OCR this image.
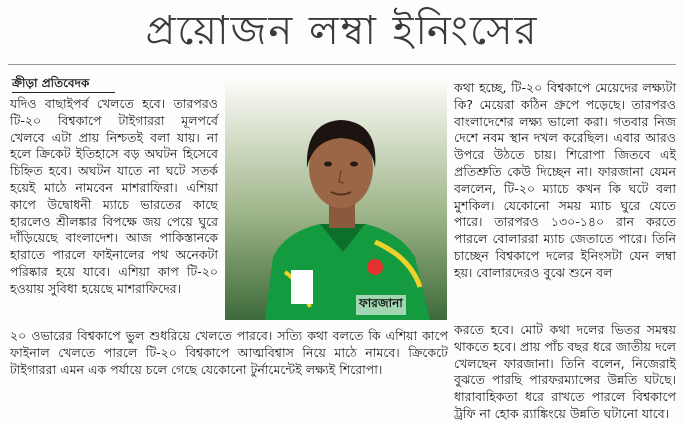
প্রয়োজন লম্বা ইনিংসের
ক্রীড়া প্রতিবেদক

যদিও বাছাইপর্ব খেলতে হবে। তারপরও টি-২০ বিশ্বকাপে টাইগাররা মূলপর্বে খেলবে এটা প্রায় নিশ্চতই বলা যায়। না হলে ক্রিকেট ইতিহাসে বড় অঘটন হিসেবে চিহ্নিত হবে। অঘটন যাতে না ঘটে সতর্ক হয়েই মাঠে নামবেন মাশরাফিরা। এশিয়া কাপে উদ্বোধনী ম্যাচে ভারতের কাছে হারলেও শ্রীলঙ্কার বিপক্ষে জয় পেয়ে ঘুরে দাঁড়িয়েছে বাংলাদেশ। আজ পাকিস্তানকে হারাতে পারলে ফাইনালের পথ অনেকটা পরিষ্কার হয়ে যাবে। এশিয়া কাপ টি-২০ হওয়ায় সুবিধা হয়েছে মাশরাফিদের।

ফারজানা

২০ ওভারের বিশ্বকাপে ভুল শুধরিয়ে খেলতে পারবে। সত্যি কথা বলতে কি এশিয়া কাপে ফাইনাল খেলতে পারলে টি-২০ বিশ্বকাপে আত্মবিশ্বাস নিয়ে মাঠে নামবে। ক্রিকেটে টাইগাররা এমন এক পর্যায়ে চলে গেছে যেকোনো টুর্নামেন্টেই লক্ষ্যই শিরোপা।

কথা হচ্ছে, টি-২০ বিশ্বকাপে মেয়েদের লক্ষ্যটা কি? মেয়েরা কঠিন গ্রুপে পড়েছে। তারপরও বাংলাদেশের লক্ষ্য ভালো করা। গতবার নিজ দেশে নবম স্থান দখল করেছিল। এবার আরও উপরে উঠতে চায়। শিরোপা জিতবে এই প্রতিশ্রুতি কেউ দিচ্ছেন না। ফারজানা যেমন বললেন, টি-২০ ম্যাচে কখন কি ঘটে বলা মুশকিল। যেকোনো সময় ম্যাচ ঘুরে যেতে পারে। তারপরও ১৩০-১৪০ রান করতে পারলে বোলাররা ম্যাচ জেতাতে পারে। তিনি চাচ্ছেন বিশ্বকাপে দলের ইনিংসটা যেন লম্বা হয়। বোলারদেরও বুঝে শুনে বল

করতে হবে। মোট কথা দলের ভিতর সমন্বয় থাকতে হবে। প্রায় পাঁচ বছর ধরে জাতীয় দলে খেলছেন ফারজানা। তিনি বলেন, নিজেরাই বুঝতে পারছি পারফরম্যান্সের উন্নতি ঘটছে। ধারাবাহিকতা ধরে রাখতে পারলে বিশ্বকাপে ট্রফি না হোক র‌্যাঙ্কিংয়ে উন্নতি ঘটানো যাবে।
